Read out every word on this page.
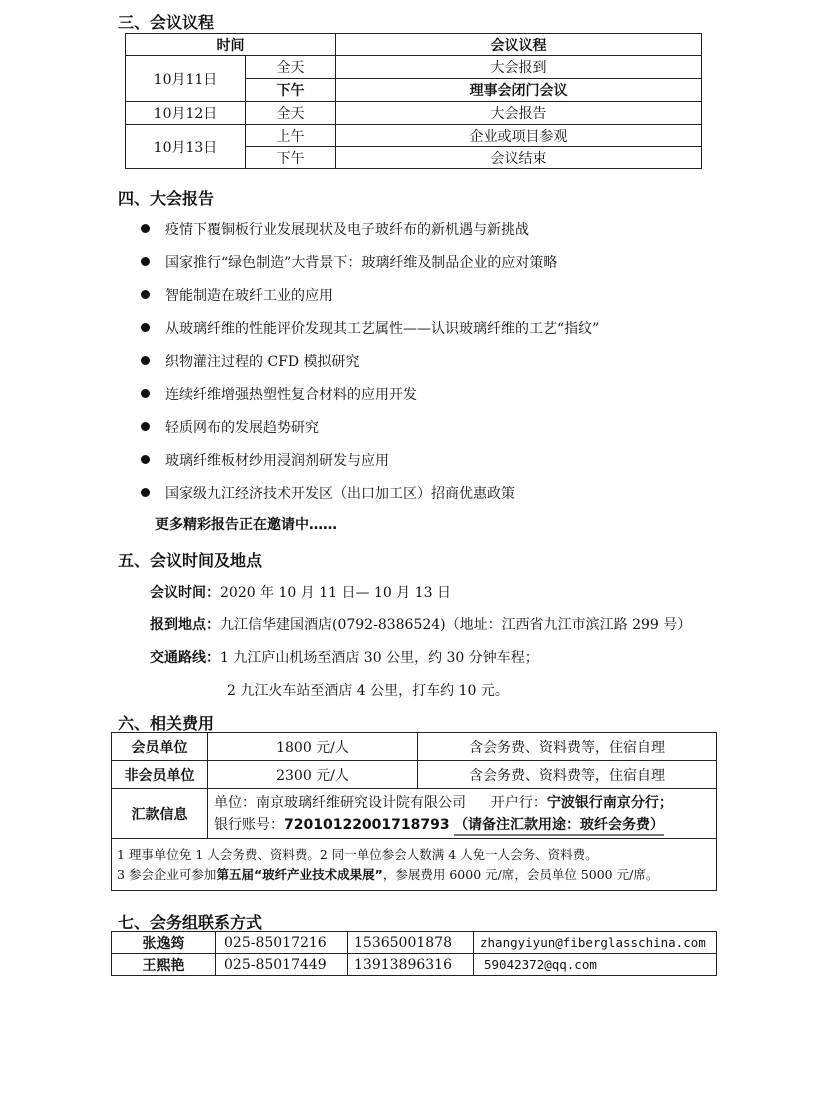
三、会议议程
时间		会议议程
10月11日	全天	大会报到
	下午	理事会闭门会议
10月12日	全天	大会报告
10月13日	上午	企业或项目参观
	下午	会议结束
四、大会报告
疫情下覆铜板行业发展现状及电子玻纤布的新机遇与新挑战
国家推行“绿色制造”大背景下：玻璃纤维及制品企业的应对策略
智能制造在玻纤工业的应用
从玻璃纤维的性能评价发现其工艺属性——认识玻璃纤维的工艺“指纹”
织物灌注过程的 CFD 模拟研究
连续纤维增强热塑性复合材料的应用开发
轻质网布的发展趋势研究
玻璃纤维板材纱用浸润剂研发与应用
国家级九江经济技术开发区（出口加工区）招商优惠政策
更多精彩报告正在邀请中……
五、会议时间及地点
会议时间：2020 年 10 月 11 日— 10 月 13 日
报到地点：九江信华建国酒店(0792-8386524)（地址：江西省九江市滨江路 299 号）
交通路线：1 九江庐山机场至酒店 30 公里，约 30 分钟车程；
2 九江火车站至酒店 4 公里，打车约 10 元。
六、相关费用
会员单位	1800 元/人	含会务费、资料费等，住宿自理
非会员单位	2300 元/人	含会务费、资料费等，住宿自理
汇款信息	单位：南京玻璃纤维研究设计院有限公司 开户行：宁波银行南京分行；
银行账号：72010122001718793 （请备注汇款用途：玻纤会务费）	

1 理事单位免 1 人会务费、资料费。2 同一单位参会人数满 4 人免一人会务、资料费。
3 参会企业可参加第五届“玻纤产业技术成果展”，参展费用 6000 元/席，会员单位 5000 元/席。		
七、会务组联系方式
张逸筠	025-85017216	15365001878	zhangyiyun@fiberglasschina.com
王熙艳	025-85017449	13913896316	59042372@qq.com
